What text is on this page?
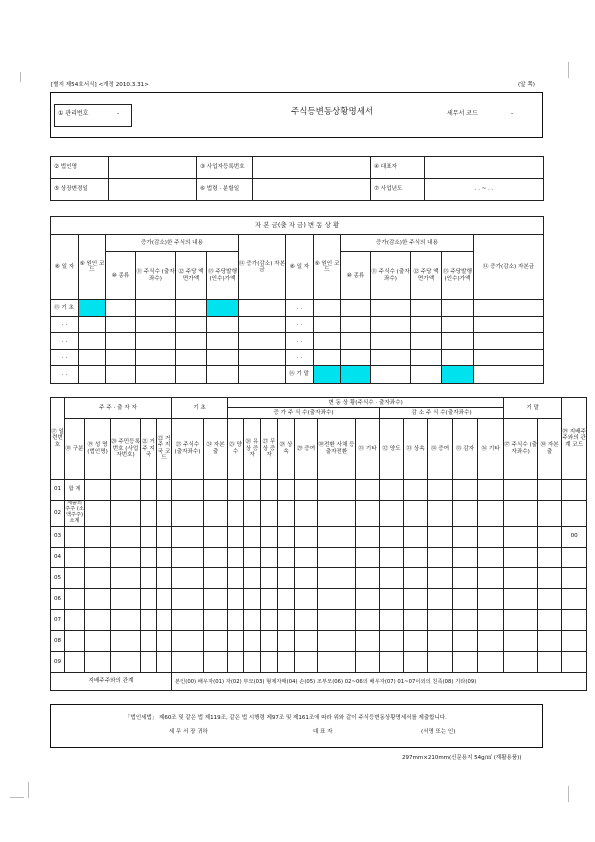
[별지 제54호서식] <개정 2010.3.31>	(앞 쪽)
① 관리번호	-	주식등변동상황명세서	세무서 코드	-
② 법인명		③ 사업자등록번호		④ 대표자	
⑤ 상장변경일		⑥ 법령 · 분할일		⑦ 사업년도	. . ~ . .
자 본 금(출 자 금) 변 동 상 황													
⑧ 일 자	⑨ 원인 코드	증가(감소)한 주식의 내용				⑭ 증가(감소) 자본금	⑧ 일 자	⑨ 원인 코드	증가(감소)한 주식의 내용				⑭ 증가(감소) 자본금
		⑩ 종류	⑪ 주식수 (출자좌수)	⑫ 주당 액면가액	⑬ 주당발행 (인수)가액				⑩ 종류	⑪ 주식수 (출자좌수)	⑫ 주당 액면가액	⑬ 주당발행 (인수)가액	
⑮ 기 초							. .						
. .							. .						
. .							. .						
. .							. .						
. .							⑯ 기 말						
⑰ 일련번호	주 주 · 출 자 자					기 초		변 동 상 황(주식수 · 출자좌수)												기 말		㊴ 지배주주와의 관계 코드
								증 가 주 식 수(출자좌수)							감 소 주 식 수(출자좌수)							
	⑱ 구분	⑲ 성 명 (법인명)	⑳ 주민등록번호 (사업자번호)	㉑ 거주 지국	㉒ 거주 지국 코드	㉓ 주식수 (출자좌수)	㉔ 자본출	㉕ 양수	㉖ 유상 증자	㉗ 무상 증자	㉘ 상속	㉙ 증여	㉚전환 사채 등 출자전환	㉛ 기타	㉜ 양도	㉝ 상속	㉞ 증여	㉟ 감자	㊱ 기타	㊲ 주식수 (출자좌수)	㊳ 자본출	
01	합 계																					
02	제출외주주 (소액주주) 소계																					
03																						00
04																						
05																						
06																						
07																						
08																						
09																						
지배주주와의 관계						본인(00) 배우자(01) 자(02) 부모(03) 형제자매(04) 손(05) 조부모(06) 02~06의 배우자(07) 01~07이외의 친족(08) 기타(09)																
「법인세법」 제60조 및 같은 법 제119조, 같은 법 시행령 제97조 및 제161조에 따라 위와 같이 주식등변동상황명세서를 제출합니다.
세 무 서 장 귀하	대 표 자	(서명 또는 인)
297mm×210mm(신문용지 54g/㎡ (재활용품))
